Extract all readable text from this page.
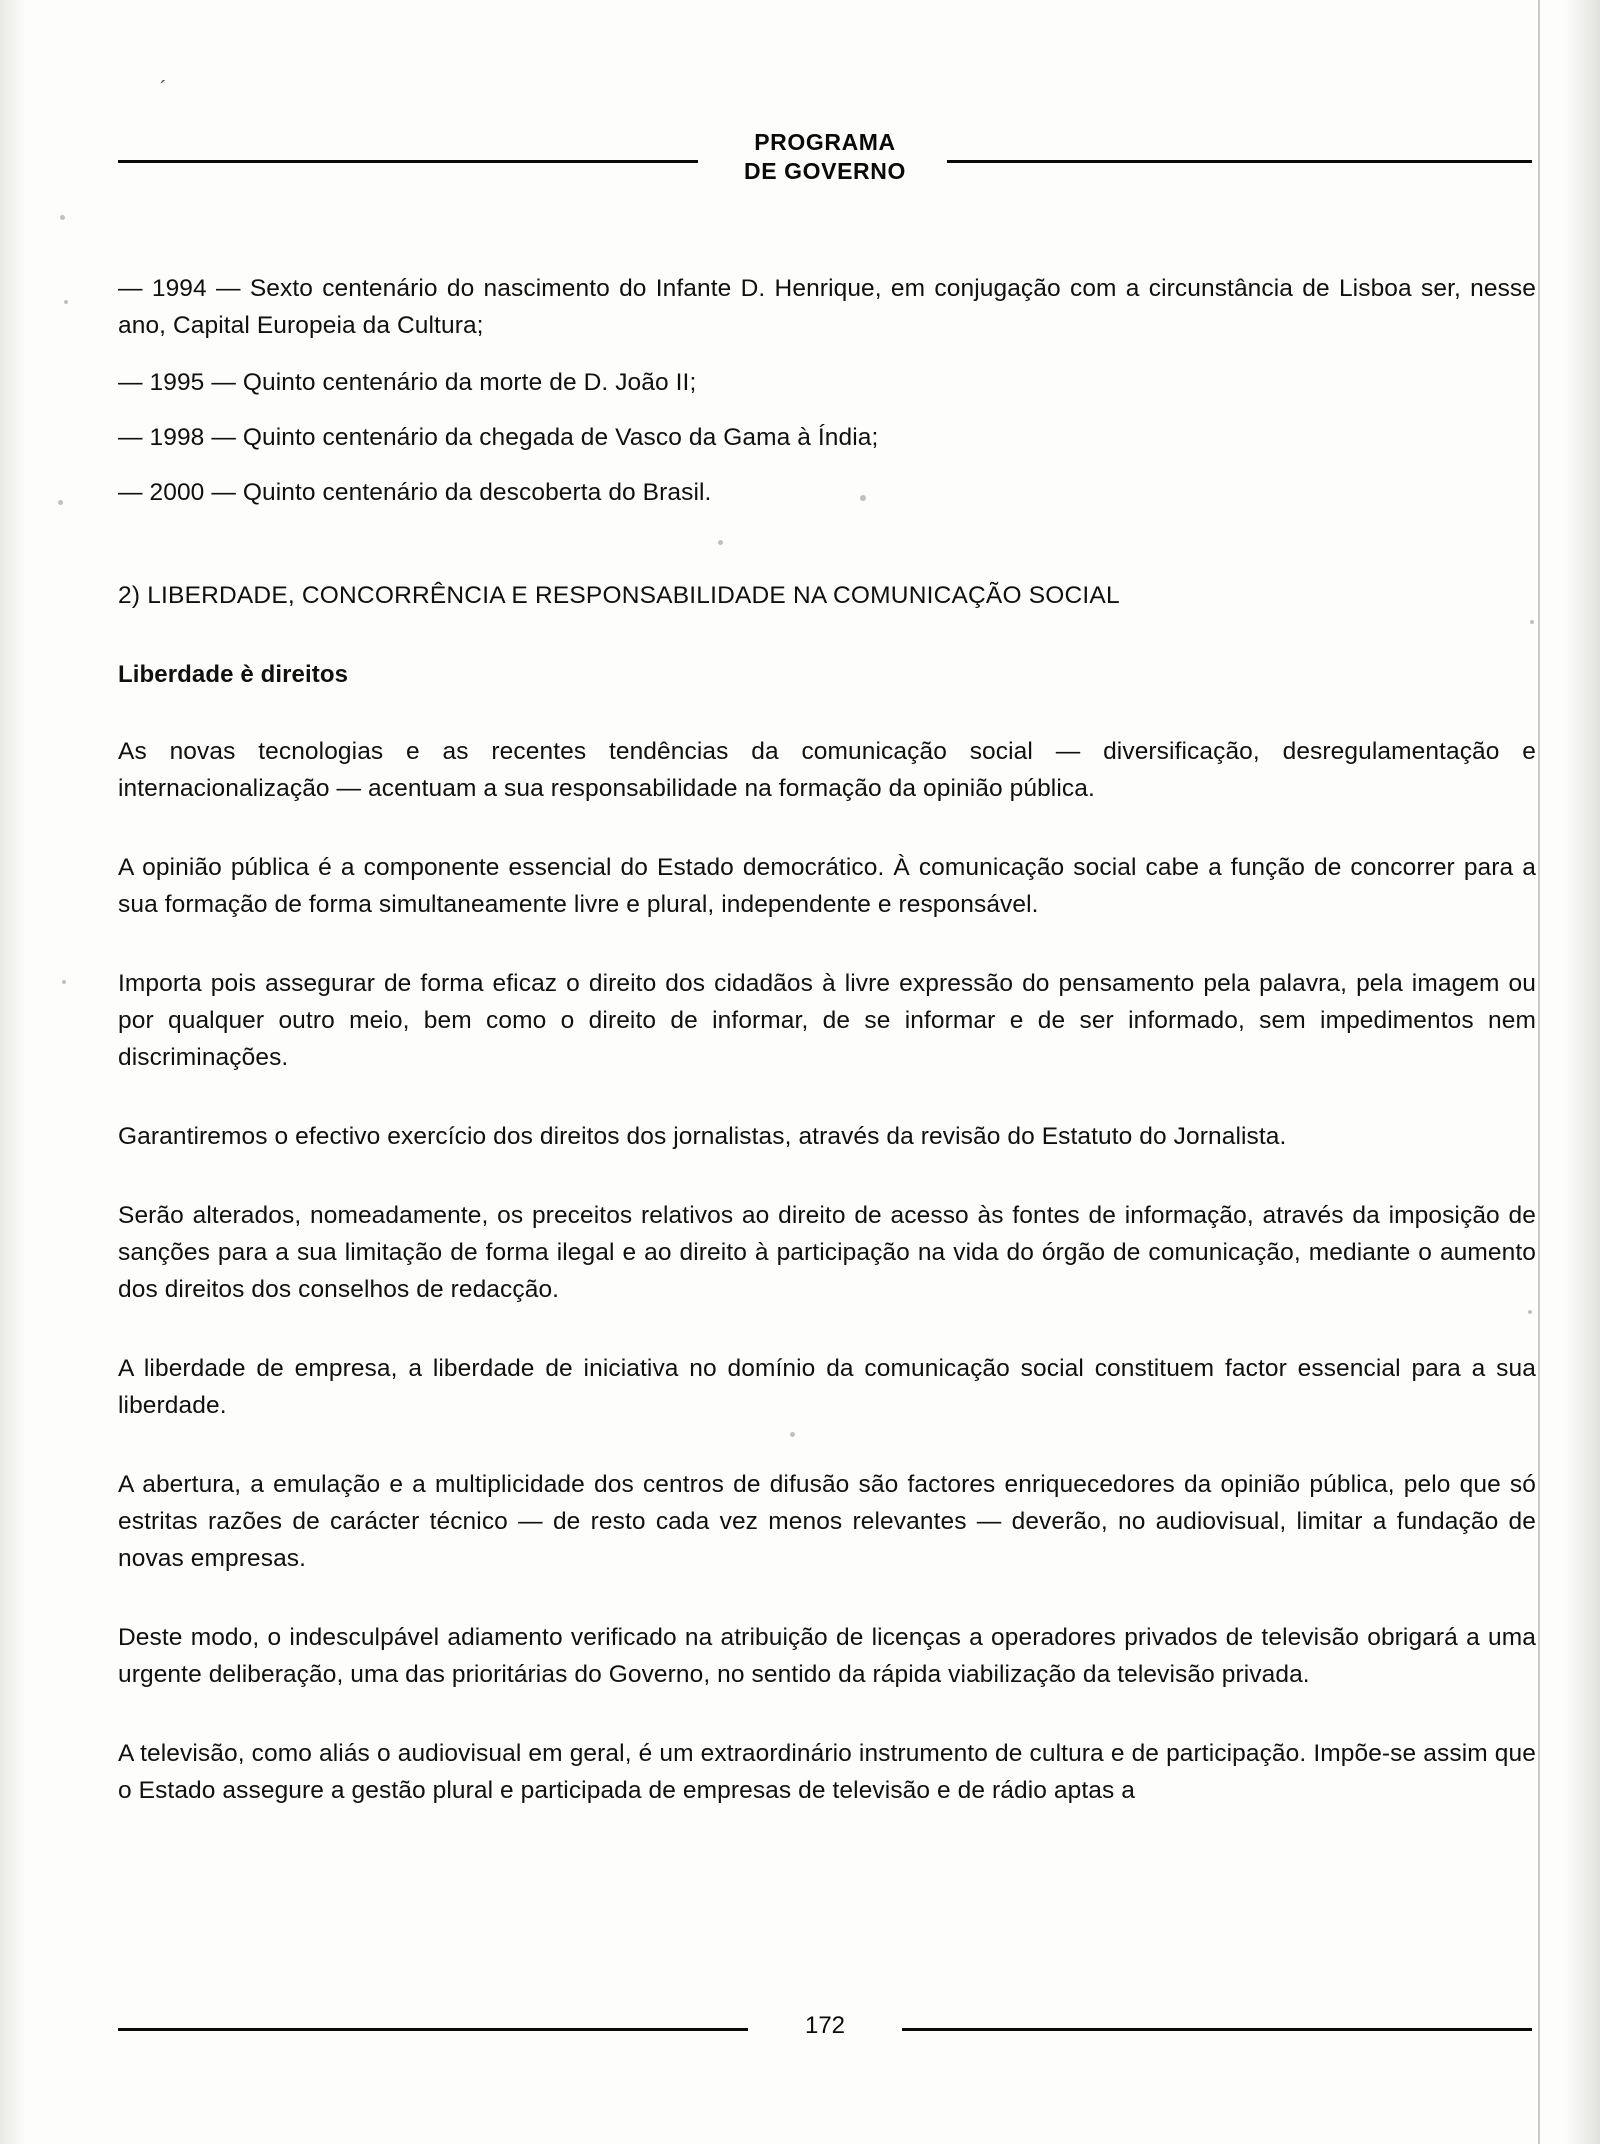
´
PROGRAMA
DE GOVERNO

— 1994 — Sexto centenário do nascimento do Infante D. Henrique, em conjugação com a circunstância de Lisboa ser, nesse ano, Capital Europeia da Cultura;

— 1995 — Quinto centenário da morte de D. João II;

— 1998 — Quinto centenário da chegada de Vasco da Gama à Índia;

— 2000 — Quinto centenário da descoberta do Brasil.

2) LIBERDADE, CONCORRÊNCIA E RESPONSABILIDADE NA COMUNICAÇÃO SOCIAL

Liberdade è direitos

As novas tecnologias e as recentes tendências da comunicação social — diversificação, desregulamentação e internacionalização — acentuam a sua responsabilidade na formação da opinião pública.

A opinião pública é a componente essencial do Estado democrático. À comunicação social cabe a função de concorrer para a sua formação de forma simultaneamente livre e plural, independente e responsável.

Importa pois assegurar de forma eficaz o direito dos cidadãos à livre expressão do pensamento pela palavra, pela imagem ou por qualquer outro meio, bem como o direito de informar, de se informar e de ser informado, sem impedimentos nem discriminações.

Garantiremos o efectivo exercício dos direitos dos jornalistas, através da revisão do Estatuto do Jornalista.

Serão alterados, nomeadamente, os preceitos relativos ao direito de acesso às fontes de informação, através da imposição de sanções para a sua limitação de forma ilegal e ao direito à participação na vida do órgão de comunicação, mediante o aumento dos direitos dos conselhos de redacção.

A liberdade de empresa, a liberdade de iniciativa no domínio da comunicação social constituem factor essencial para a sua liberdade.

A abertura, a emulação e a multiplicidade dos centros de difusão são factores enriquecedores da opinião pública, pelo que só estritas razões de carácter técnico — de resto cada vez menos relevantes — deverão, no audiovisual, limitar a fundação de novas empresas.

Deste modo, o indesculpável adiamento verificado na atribuição de licenças a operadores privados de televisão obrigará a uma urgente deliberação, uma das prioritárias do Governo, no sentido da rápida viabilização da televisão privada.

A televisão, como aliás o audiovisual em geral, é um extraordinário instrumento de cultura e de participação. Impõe-se assim que o Estado assegure a gestão plural e participada de empresas de televisão e de rádio aptas a

172
